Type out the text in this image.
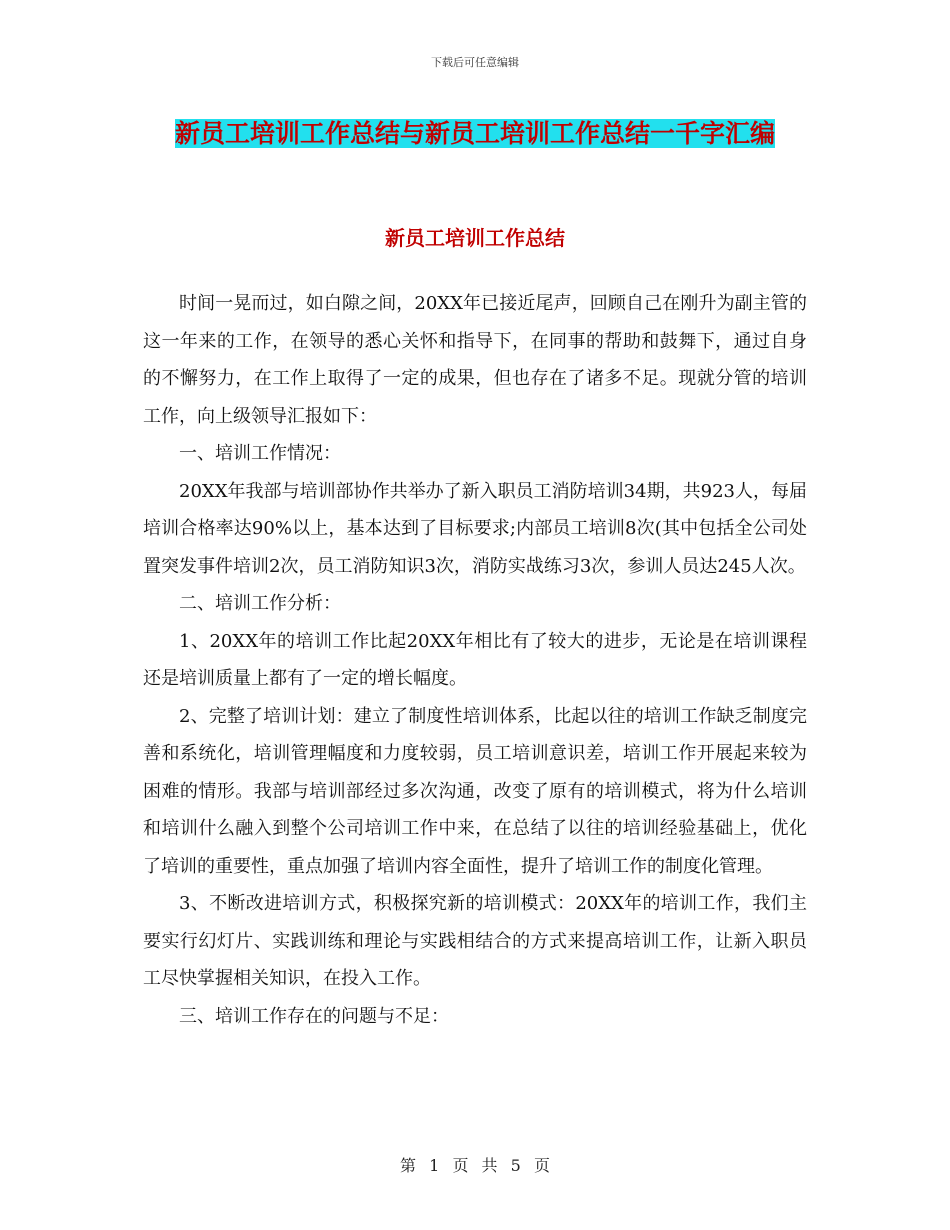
下载后可任意编辑
新员工培训工作总结与新员工培训工作总结一千字汇编
新员工培训工作总结

时间一晃而过，如白隙之间，20XX年已接近尾声，回顾自己在刚升为副主管的这一年来的工作，在领导的悉心关怀和指导下，在同事的帮助和鼓舞下，通过自身的不懈努力，在工作上取得了一定的成果，但也存在了诸多不足。现就分管的培训工作，向上级领导汇报如下：

一、培训工作情况：

20XX年我部与培训部协作共举办了新入职员工消防培训34期，共923人，每届培训合格率达90%以上，基本达到了目标要求;内部员工培训8次(其中包括全公司处置突发事件培训2次，员工消防知识3次，消防实战练习3次，参训人员达245人次。

二、培训工作分析：

1、20XX年的培训工作比起20XX年相比有了较大的进步，无论是在培训课程还是培训质量上都有了一定的增长幅度。

2、完整了培训计划：建立了制度性培训体系，比起以往的培训工作缺乏制度完善和系统化，培训管理幅度和力度较弱，员工培训意识差，培训工作开展起来较为困难的情形。我部与培训部经过多次沟通，改变了原有的培训模式，将为什么培训和培训什么融入到整个公司培训工作中来，在总结了以往的培训经验基础上，优化了培训的重要性，重点加强了培训内容全面性，提升了培训工作的制度化管理。

3、不断改进培训方式，积极探究新的培训模式：20XX年的培训工作，我们主要实行幻灯片、实践训练和理论与实践相结合的方式来提高培训工作，让新入职员工尽快掌握相关知识，在投入工作。

三、培训工作存在的问题与不足：

第 1 页 共 5 页
